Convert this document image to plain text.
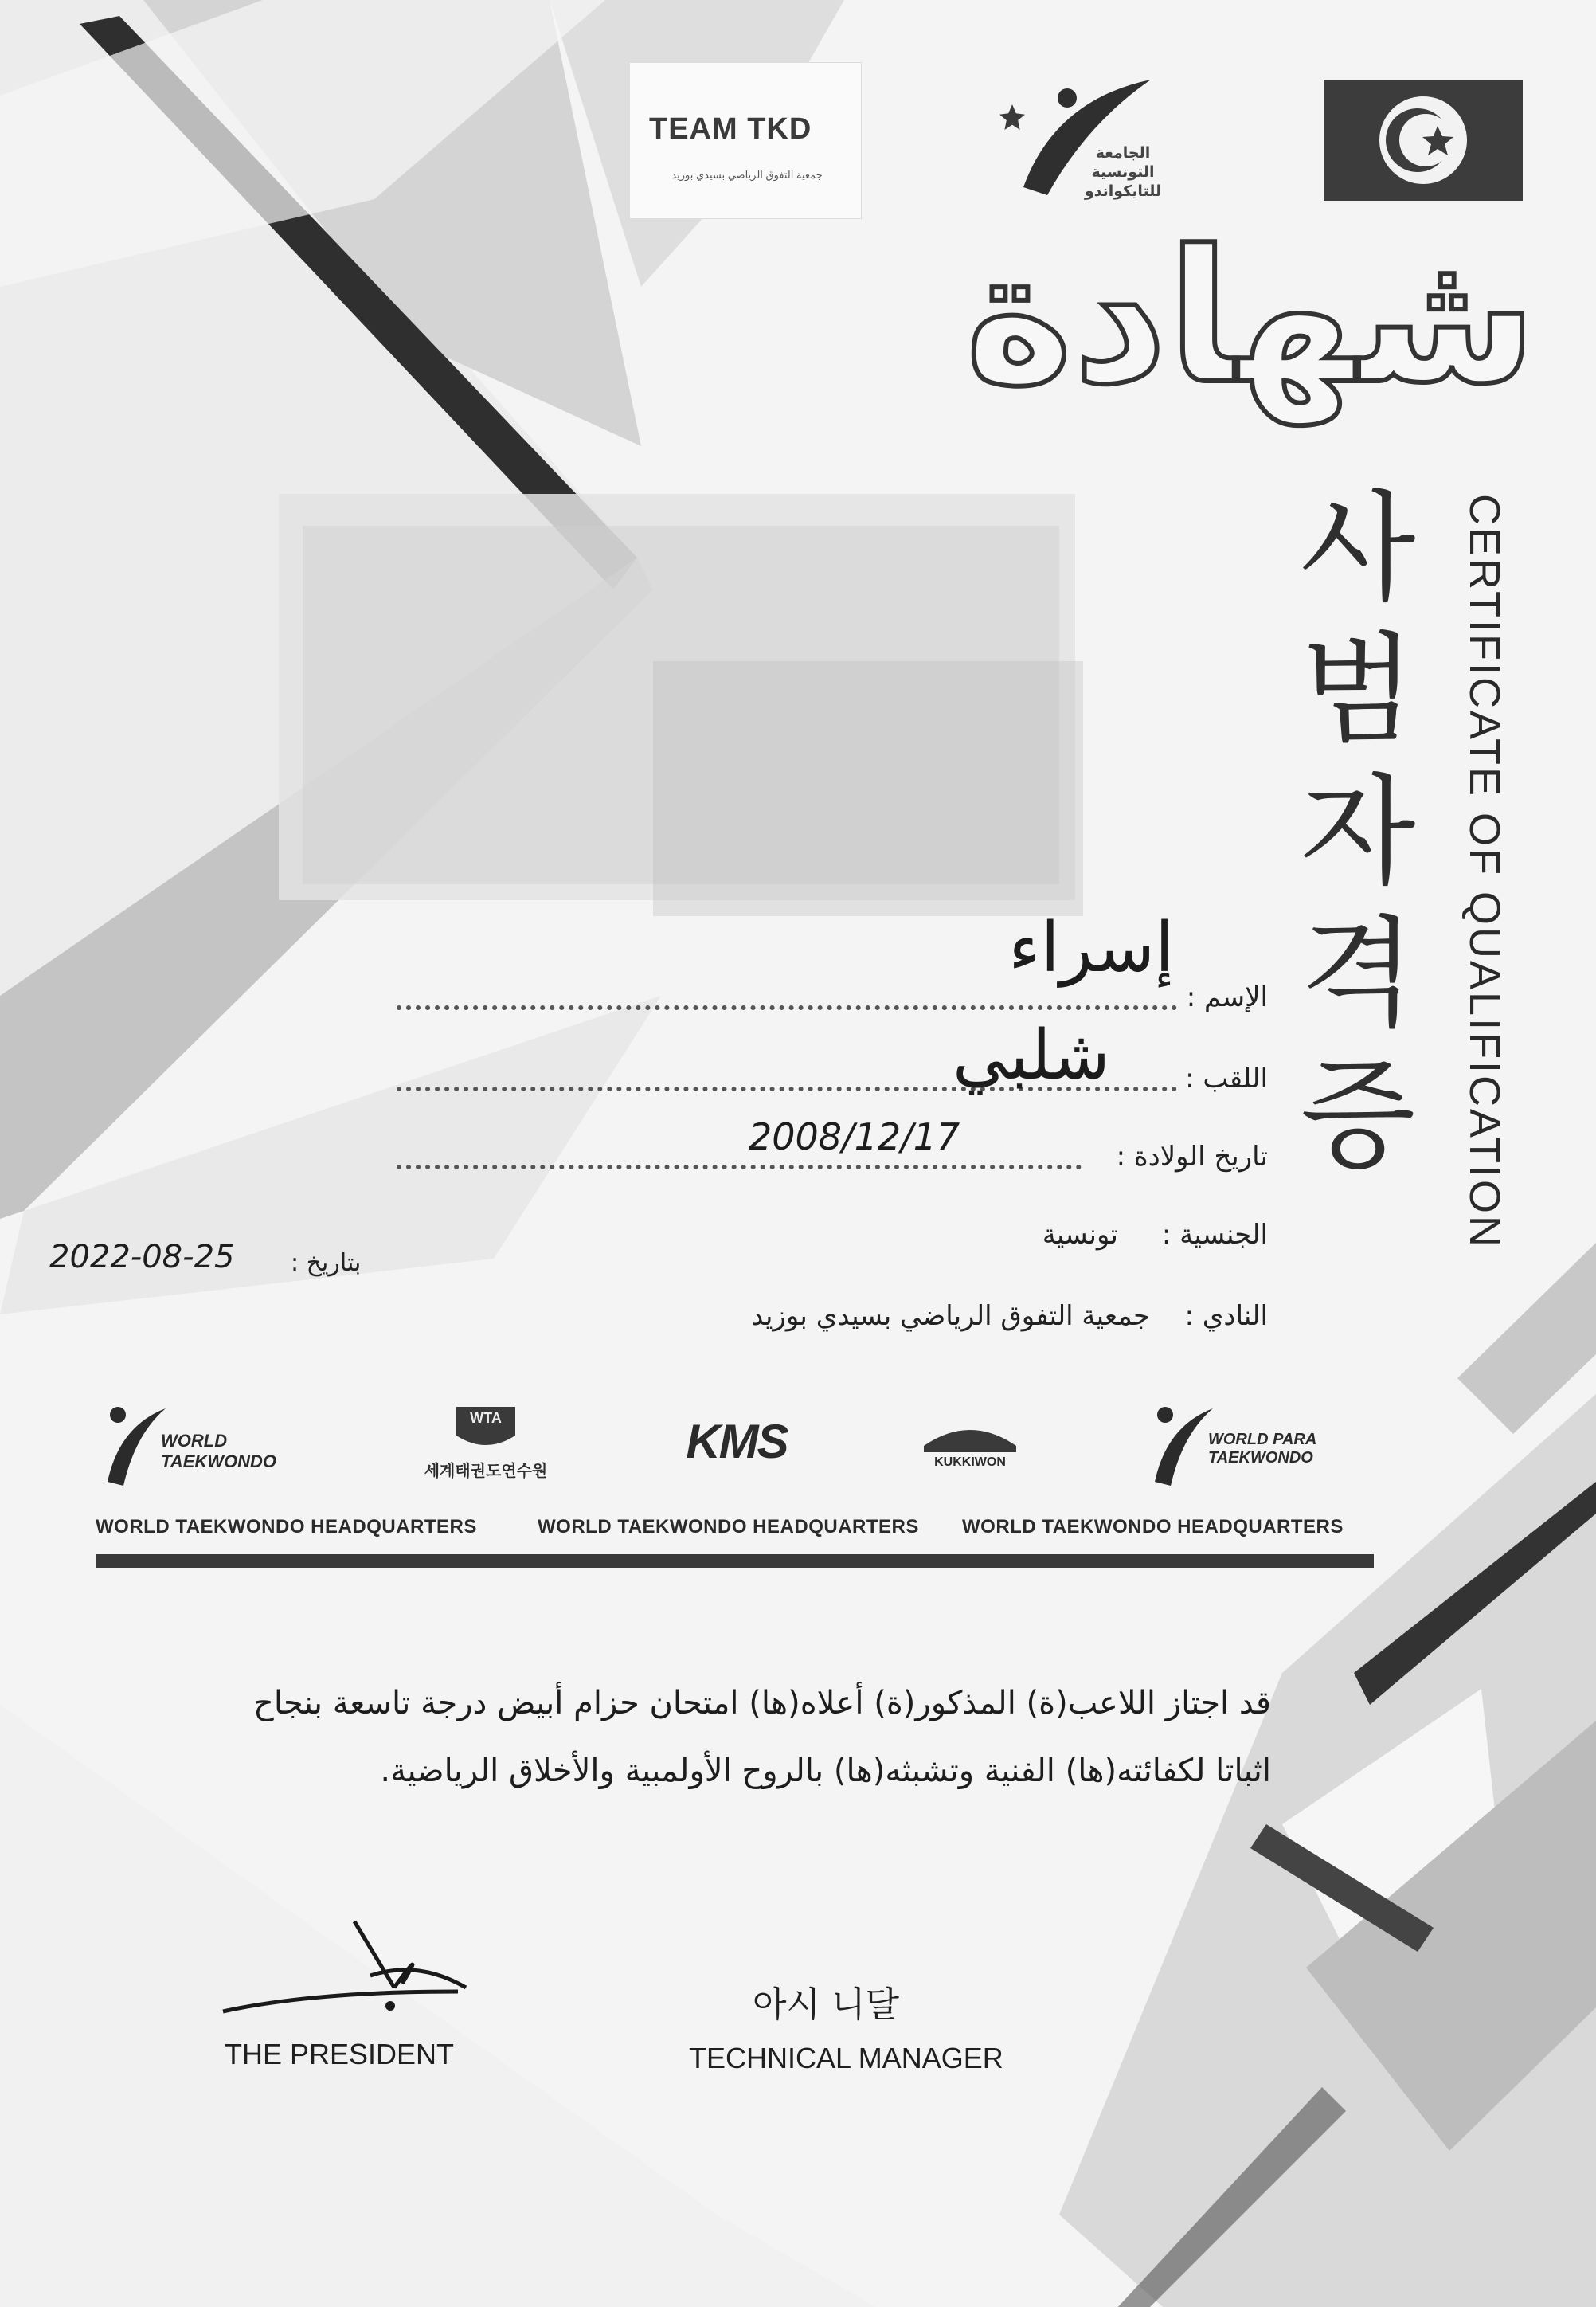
TEAM TKD
جمعية التفوق الرياضي بسيدي بوزيد
الجامعة التونسية للتايكواندو
شهادة
사
범
자
격
증	CERTIFICATE OF QUALIFICATION
الإسم :
إسراء
اللقب :
شلبي
تاريخ الولادة :
2008/12/17
الجنسية :
تونسية
النادي :
جمعية التفوق الرياضي بسيدي بوزيد
بتاريخ :
2022-08-25
WORLD TAEKWONDO
WTA
세계태권도연수원
KMS	KUKKIWON
WORLD PARA TAEKWONDO
WORLD TAEKWONDO HEADQUARTERS	WORLD TAEKWONDO HEADQUARTERS WORLD TAEKWONDO HEADQUARTERS
قد اجتاز اللاعب(ة) المذكور(ة) أعلاه(ها) امتحان حزام أبيض درجة تاسعة بنجاح
اثباتا لكفائته(ها) الفنية وتشبثه(ها) بالروح الأولمبية والأخلاق الرياضية.
THE PRESIDENT
아시 니달
TECHNICAL MANAGER
